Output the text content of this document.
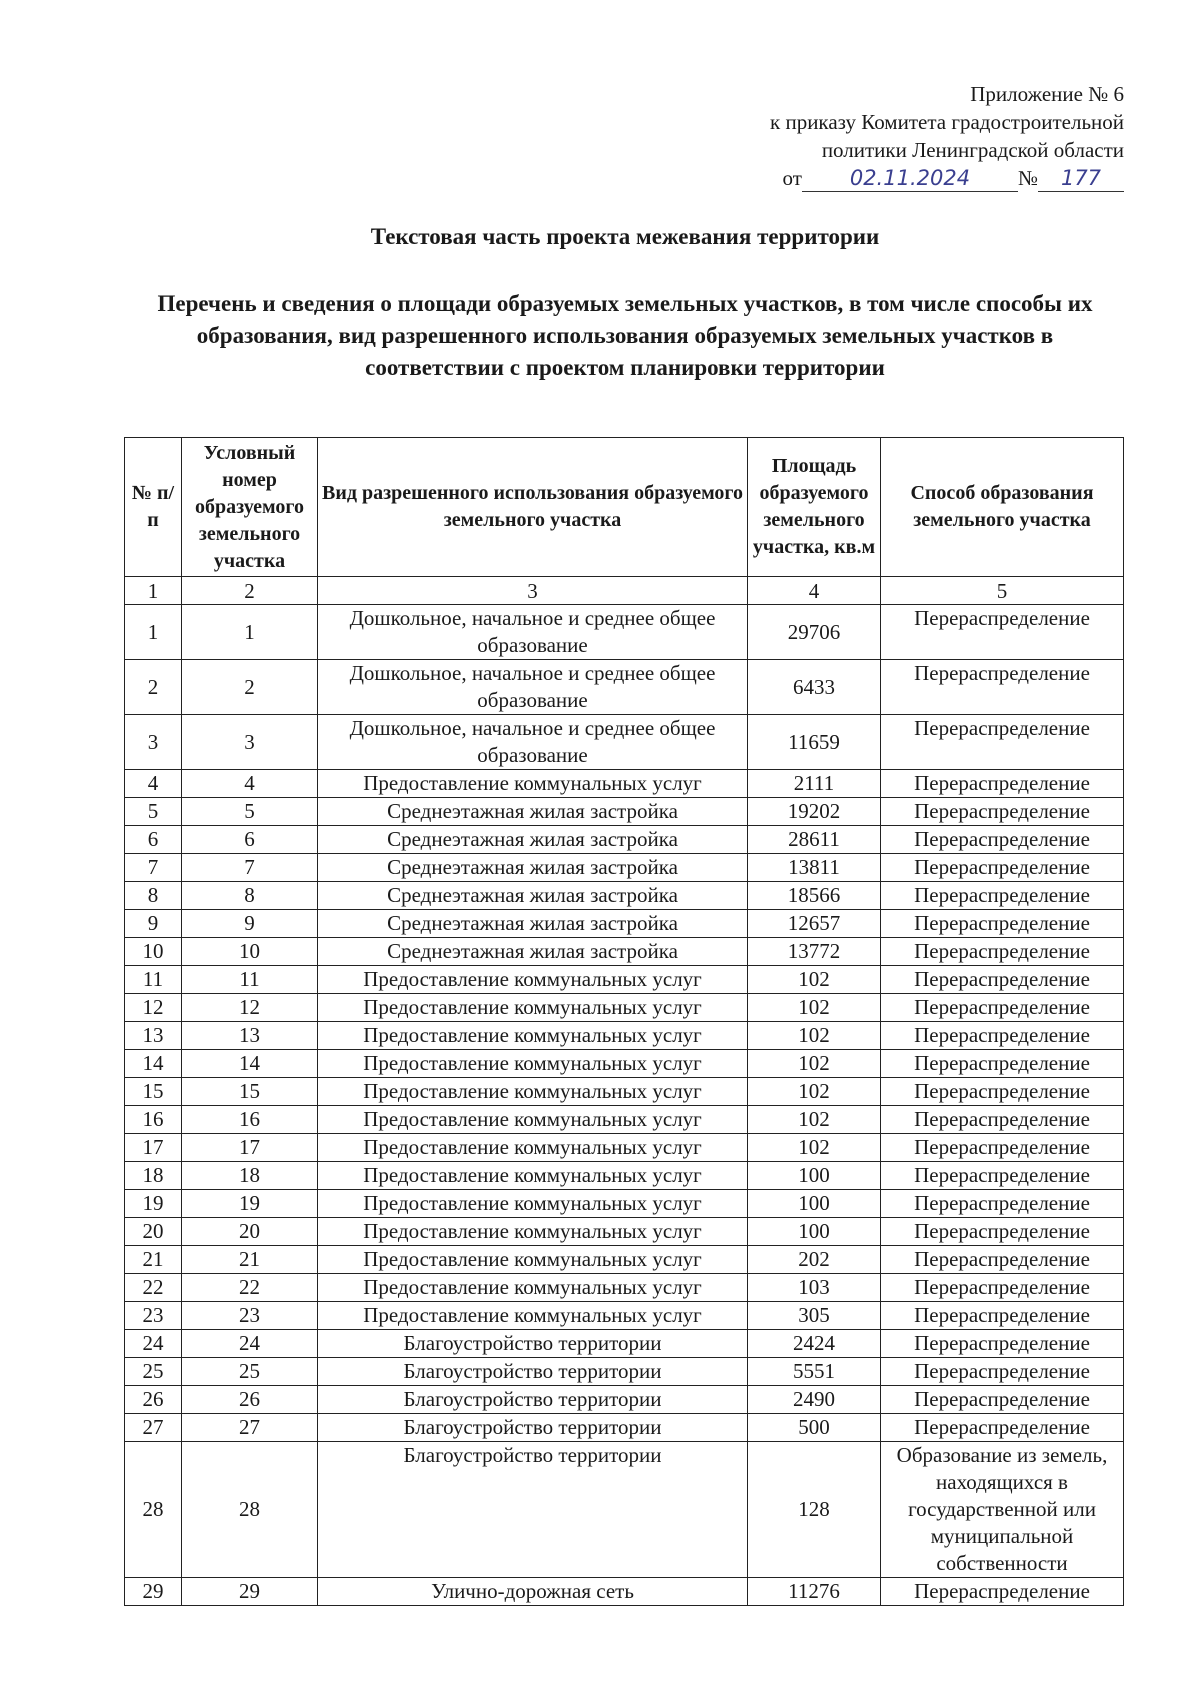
Приложение № 6
к приказу Комитета градостроительной
политики Ленинградской области
от 02.11.2024 № 177
Текстовая часть проекта межевания территории
Перечень и сведения о площади образуемых земельных участков, в том числе способы их образования, вид разрешенного использования образуемых земельных участков в соответствии с проектом планировки территории
№ п/п	Условный номер образуемого земельного участка	Вид разрешенного использования образуемого земельного участка	Площадь образуемого земельного участка, кв.м	Способ образования земельного участка
1	2	3	4	5
1	1	Дошкольное, начальное и среднее общее образование	29706	Перераспределение
2	2	Дошкольное, начальное и среднее общее образование	6433	Перераспределение
3	3	Дошкольное, начальное и среднее общее образование	11659	Перераспределение
4	4	Предоставление коммунальных услуг	2111	Перераспределение
5	5	Среднеэтажная жилая застройка	19202	Перераспределение
6	6	Среднеэтажная жилая застройка	28611	Перераспределение
7	7	Среднеэтажная жилая застройка	13811	Перераспределение
8	8	Среднеэтажная жилая застройка	18566	Перераспределение
9	9	Среднеэтажная жилая застройка	12657	Перераспределение
10	10	Среднеэтажная жилая застройка	13772	Перераспределение
11	11	Предоставление коммунальных услуг	102	Перераспределение
12	12	Предоставление коммунальных услуг	102	Перераспределение
13	13	Предоставление коммунальных услуг	102	Перераспределение
14	14	Предоставление коммунальных услуг	102	Перераспределение
15	15	Предоставление коммунальных услуг	102	Перераспределение
16	16	Предоставление коммунальных услуг	102	Перераспределение
17	17	Предоставление коммунальных услуг	102	Перераспределение
18	18	Предоставление коммунальных услуг	100	Перераспределение
19	19	Предоставление коммунальных услуг	100	Перераспределение
20	20	Предоставление коммунальных услуг	100	Перераспределение
21	21	Предоставление коммунальных услуг	202	Перераспределение
22	22	Предоставление коммунальных услуг	103	Перераспределение
23	23	Предоставление коммунальных услуг	305	Перераспределение
24	24	Благоустройство территории	2424	Перераспределение
25	25	Благоустройство территории	5551	Перераспределение
26	26	Благоустройство территории	2490	Перераспределение
27	27	Благоустройство территории	500	Перераспределение
28	28	Благоустройство территории	128	Образование из земель, находящихся в государственной или муниципальной собственности
29	29	Улично-дорожная сеть	11276	Перераспределение
